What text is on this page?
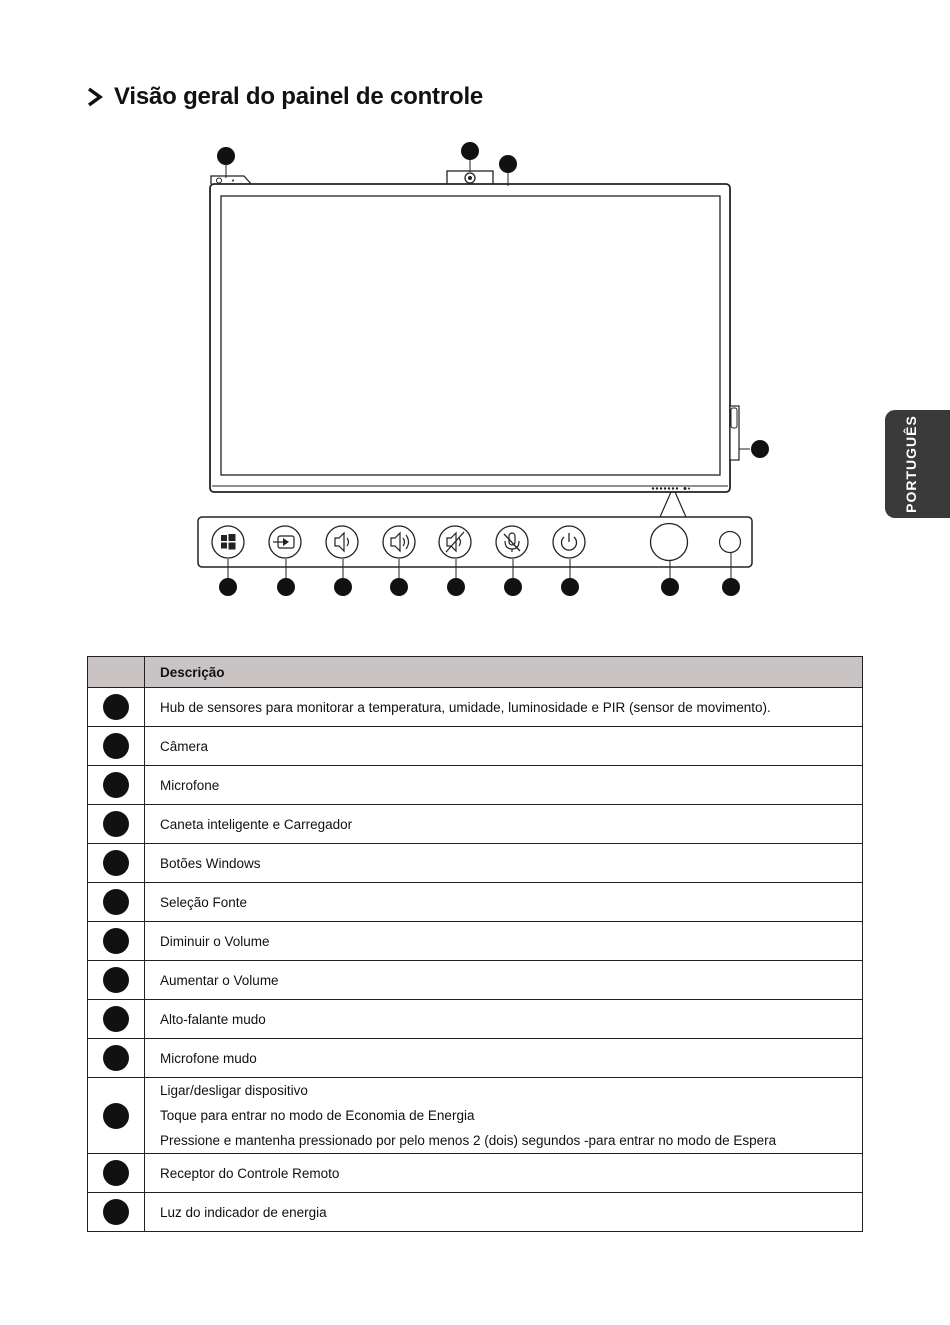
Visão geral do painel de controle
PORTUGUÊS
	Descrição
	Hub de sensores para monitorar a temperatura, umidade, luminosidade e PIR (sensor de movimento).
	Câmera
	Microfone
	Caneta inteligente e Carregador
	Botões Windows
	Seleção Fonte
	Diminuir o Volume
	Aumentar o Volume
	Alto-falante mudo
	Microfone mudo

	Ligar/desligar dispositivo
Toque para entrar no modo de Economia de Energia
Pressione e mantenha pressionado por pelo menos 2 (dois) segundos -para entrar no modo de Espera

	Receptor do Controle Remoto
	Luz do indicador de energia
